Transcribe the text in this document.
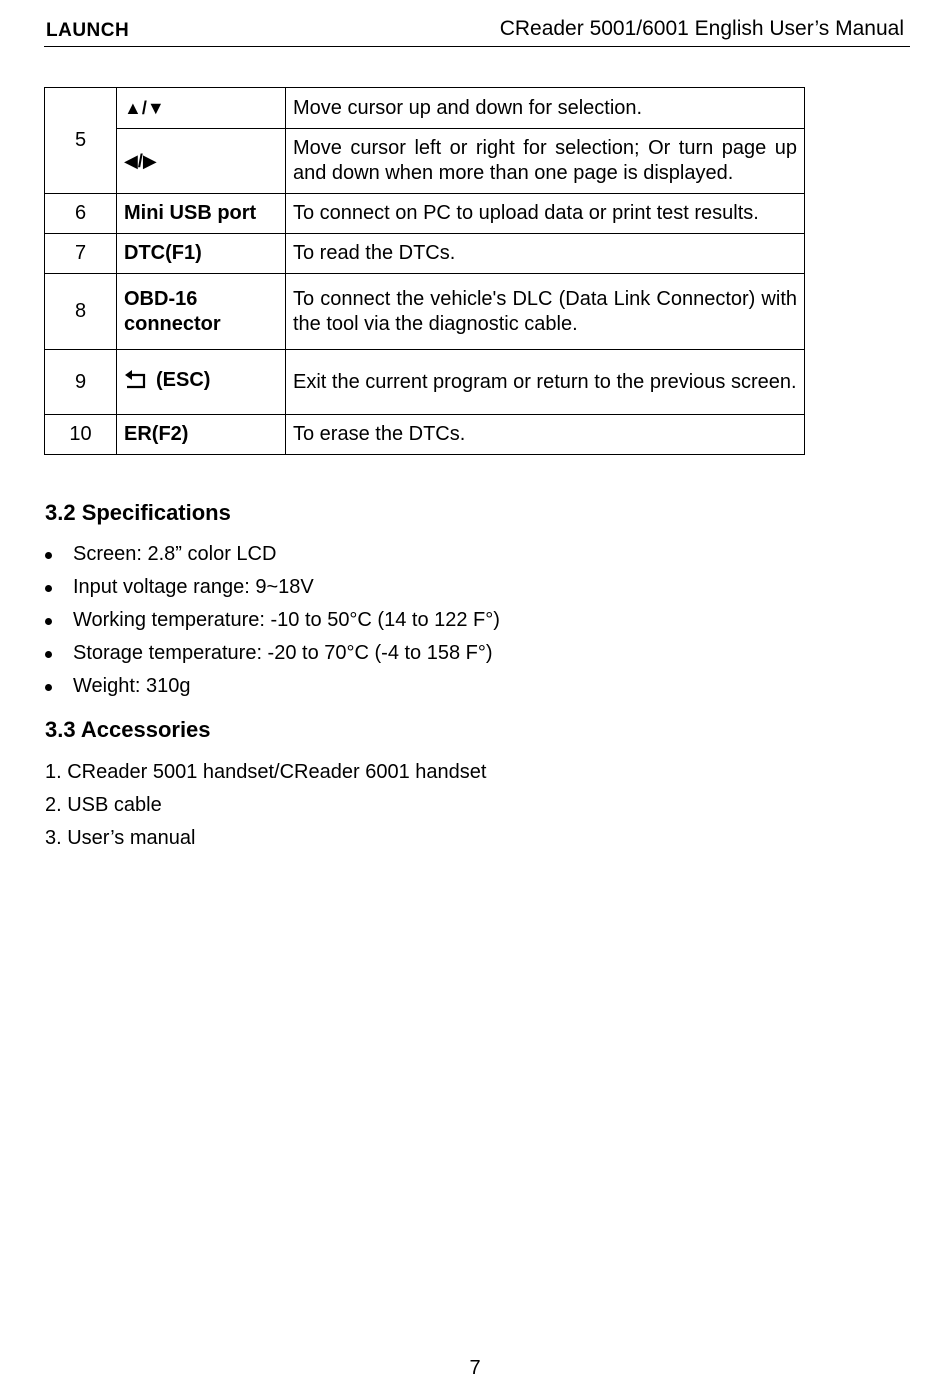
LAUNCH	CReader 5001/6001 English User’s Manual
5	▲/▼	Move cursor up and down for selection.
	◀/▶	Move cursor left or right for selection; Or turn page up and down when more than one page is displayed.
6	Mini USB port	To connect on PC to upload data or print test results.
7	DTC(F1)	To read the DTCs.
8	OBD-16 connector	To connect the vehicle's DLC (Data Link Connector) with the tool via the diagnostic cable.
9	(ESC)	Exit the current program or return to the previous screen.
10	ER(F2)	To erase the DTCs.
3.2 Specifications
Screen: 2.8” color LCD
Input voltage range: 9~18V
Working temperature: -10 to 50°C (14 to 122 F°)
Storage temperature: -20 to 70°C (-4 to 158 F°)
Weight: 310g
3.3 Accessories
1. CReader 5001 handset/CReader 6001 handset
2. USB cable
3. User’s manual
7
